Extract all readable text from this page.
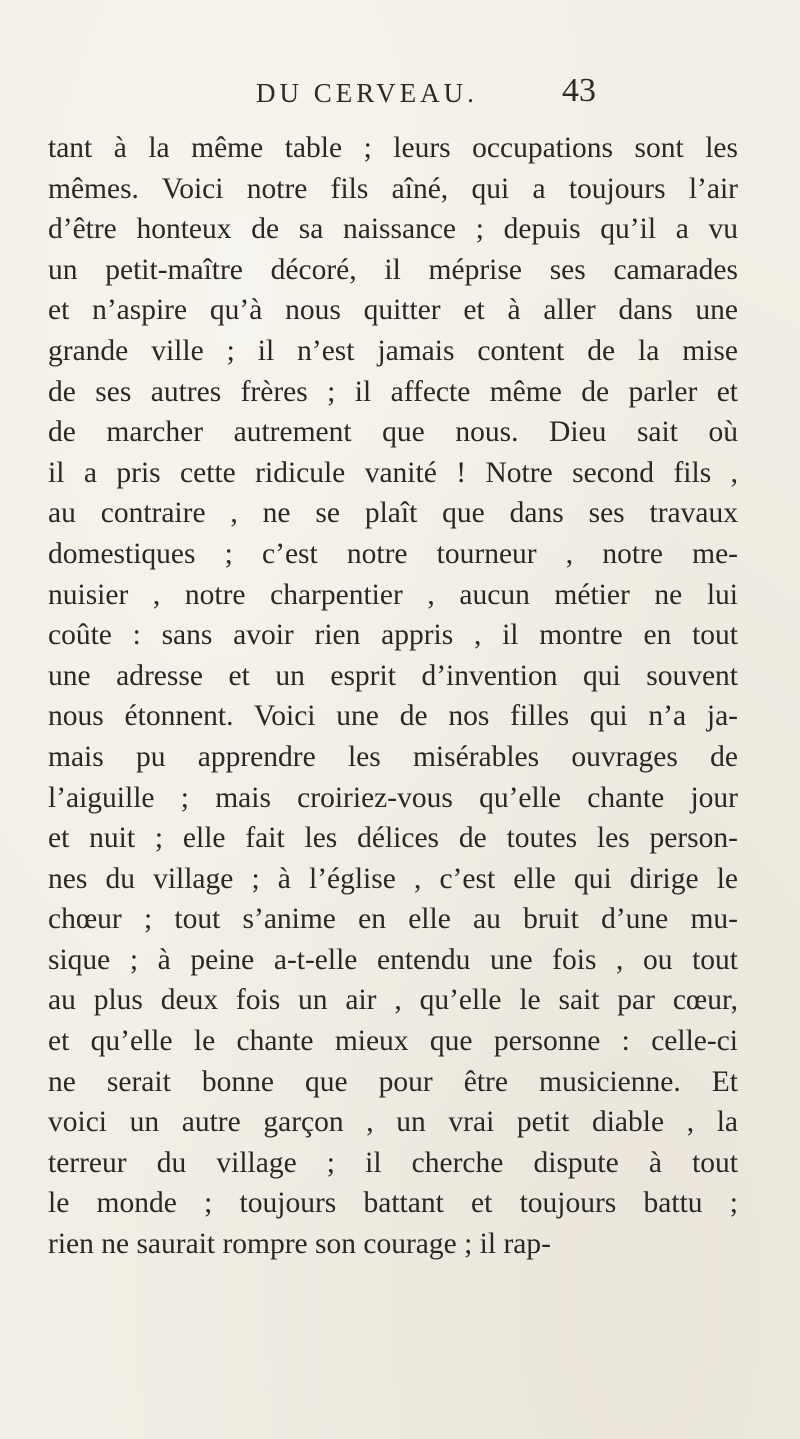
DU CERVEAU. 43
tant à la même table ; leurs occupations sont les
mêmes. Voici notre fils aîné, qui a toujours l’air
d’être honteux de sa naissance ; depuis qu’il a vu
un petit-maître décoré, il méprise ses camarades
et n’aspire qu’à nous quitter et à aller dans une
grande ville ; il n’est jamais content de la mise
de ses autres frères ; il affecte même de parler et
de marcher autrement que nous. Dieu sait où
il a pris cette ridicule vanité ! Notre second fils ,
au contraire , ne se plaît que dans ses travaux
domestiques ; c’est notre tourneur , notre me-
nuisier , notre charpentier , aucun métier ne lui
coûte : sans avoir rien appris , il montre en tout
une adresse et un esprit d’invention qui souvent
nous étonnent. Voici une de nos filles qui n’a ja-
mais pu apprendre les misérables ouvrages de
l’aiguille ; mais croiriez-vous qu’elle chante jour
et nuit ; elle fait les délices de toutes les person-
nes du village ; à l’église , c’est elle qui dirige le
chœur ; tout s’anime en elle au bruit d’une mu-
sique ; à peine a-t-elle entendu une fois , ou tout
au plus deux fois un air , qu’elle le sait par cœur,
et qu’elle le chante mieux que personne : celle-ci
ne serait bonne que pour être musicienne. Et
voici un autre garçon , un vrai petit diable , la
terreur du village ; il cherche dispute à tout
le monde ; toujours battant et toujours battu ;
rien ne saurait rompre son courage ; il rap-
